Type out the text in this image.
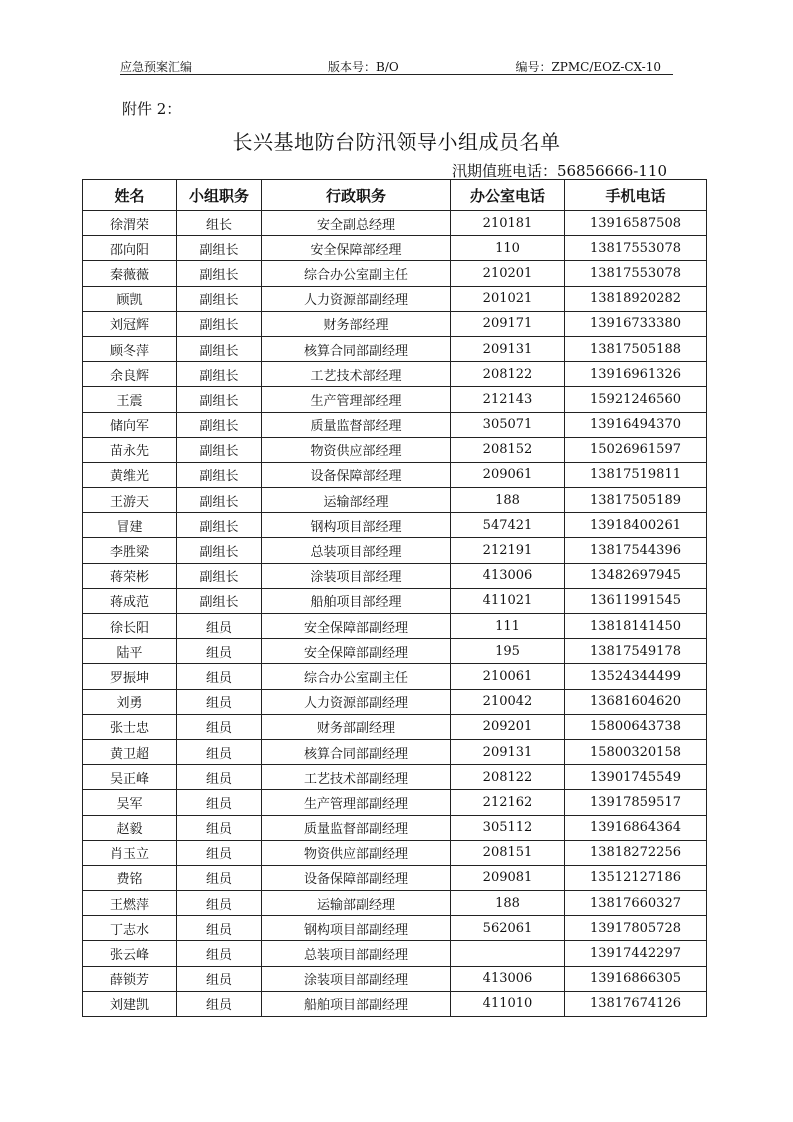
应急预案汇编	版本号：B/O	编号：ZPMC/EOZ-CX-10
附件 2：
长兴基地防台防汛领导小组成员名单
汛期值班电话：56856666-110
姓名	小组职务	行政职务	办公室电话	手机电话
徐渭荣	组长	安全副总经理	210181	13916587508
邵向阳	副组长	安全保障部经理	110	13817553078
秦薇薇	副组长	综合办公室副主任	210201	13817553078
顾凯	副组长	人力资源部副经理	201021	13818920282
刘冠辉	副组长	财务部经理	209171	13916733380
顾冬萍	副组长	核算合同部副经理	209131	13817505188
余良辉	副组长	工艺技术部经理	208122	13916961326
王震	副组长	生产管理部经理	212143	15921246560
储向军	副组长	质量监督部经理	305071	13916494370
苗永先	副组长	物资供应部经理	208152	15026961597
黄维光	副组长	设备保障部经理	209061	13817519811
王游天	副组长	运输部经理	188	13817505189
冒建	副组长	钢构项目部经理	547421	13918400261
李胜梁	副组长	总装项目部经理	212191	13817544396
蒋荣彬	副组长	涂装项目部经理	413006	13482697945
蒋成范	副组长	船舶项目部经理	411021	13611991545
徐长阳	组员	安全保障部副经理	111	13818141450
陆平	组员	安全保障部副经理	195	13817549178
罗振坤	组员	综合办公室副主任	210061	13524344499
刘勇	组员	人力资源部副经理	210042	13681604620
张士忠	组员	财务部副经理	209201	15800643738
黄卫超	组员	核算合同部副经理	209131	15800320158
吴正峰	组员	工艺技术部副经理	208122	13901745549
吴军	组员	生产管理部副经理	212162	13917859517
赵毅	组员	质量监督部副经理	305112	13916864364
肖玉立	组员	物资供应部副经理	208151	13818272256
费铭	组员	设备保障部副经理	209081	13512127186
王燃萍	组员	运输部副经理	188	13817660327
丁志水	组员	钢构项目部副经理	562061	13917805728
张云峰	组员	总装项目部副经理		13917442297
薛锁芳	组员	涂装项目部副经理	413006	13916866305
刘建凯	组员	船舶项目部副经理	411010	13817674126
